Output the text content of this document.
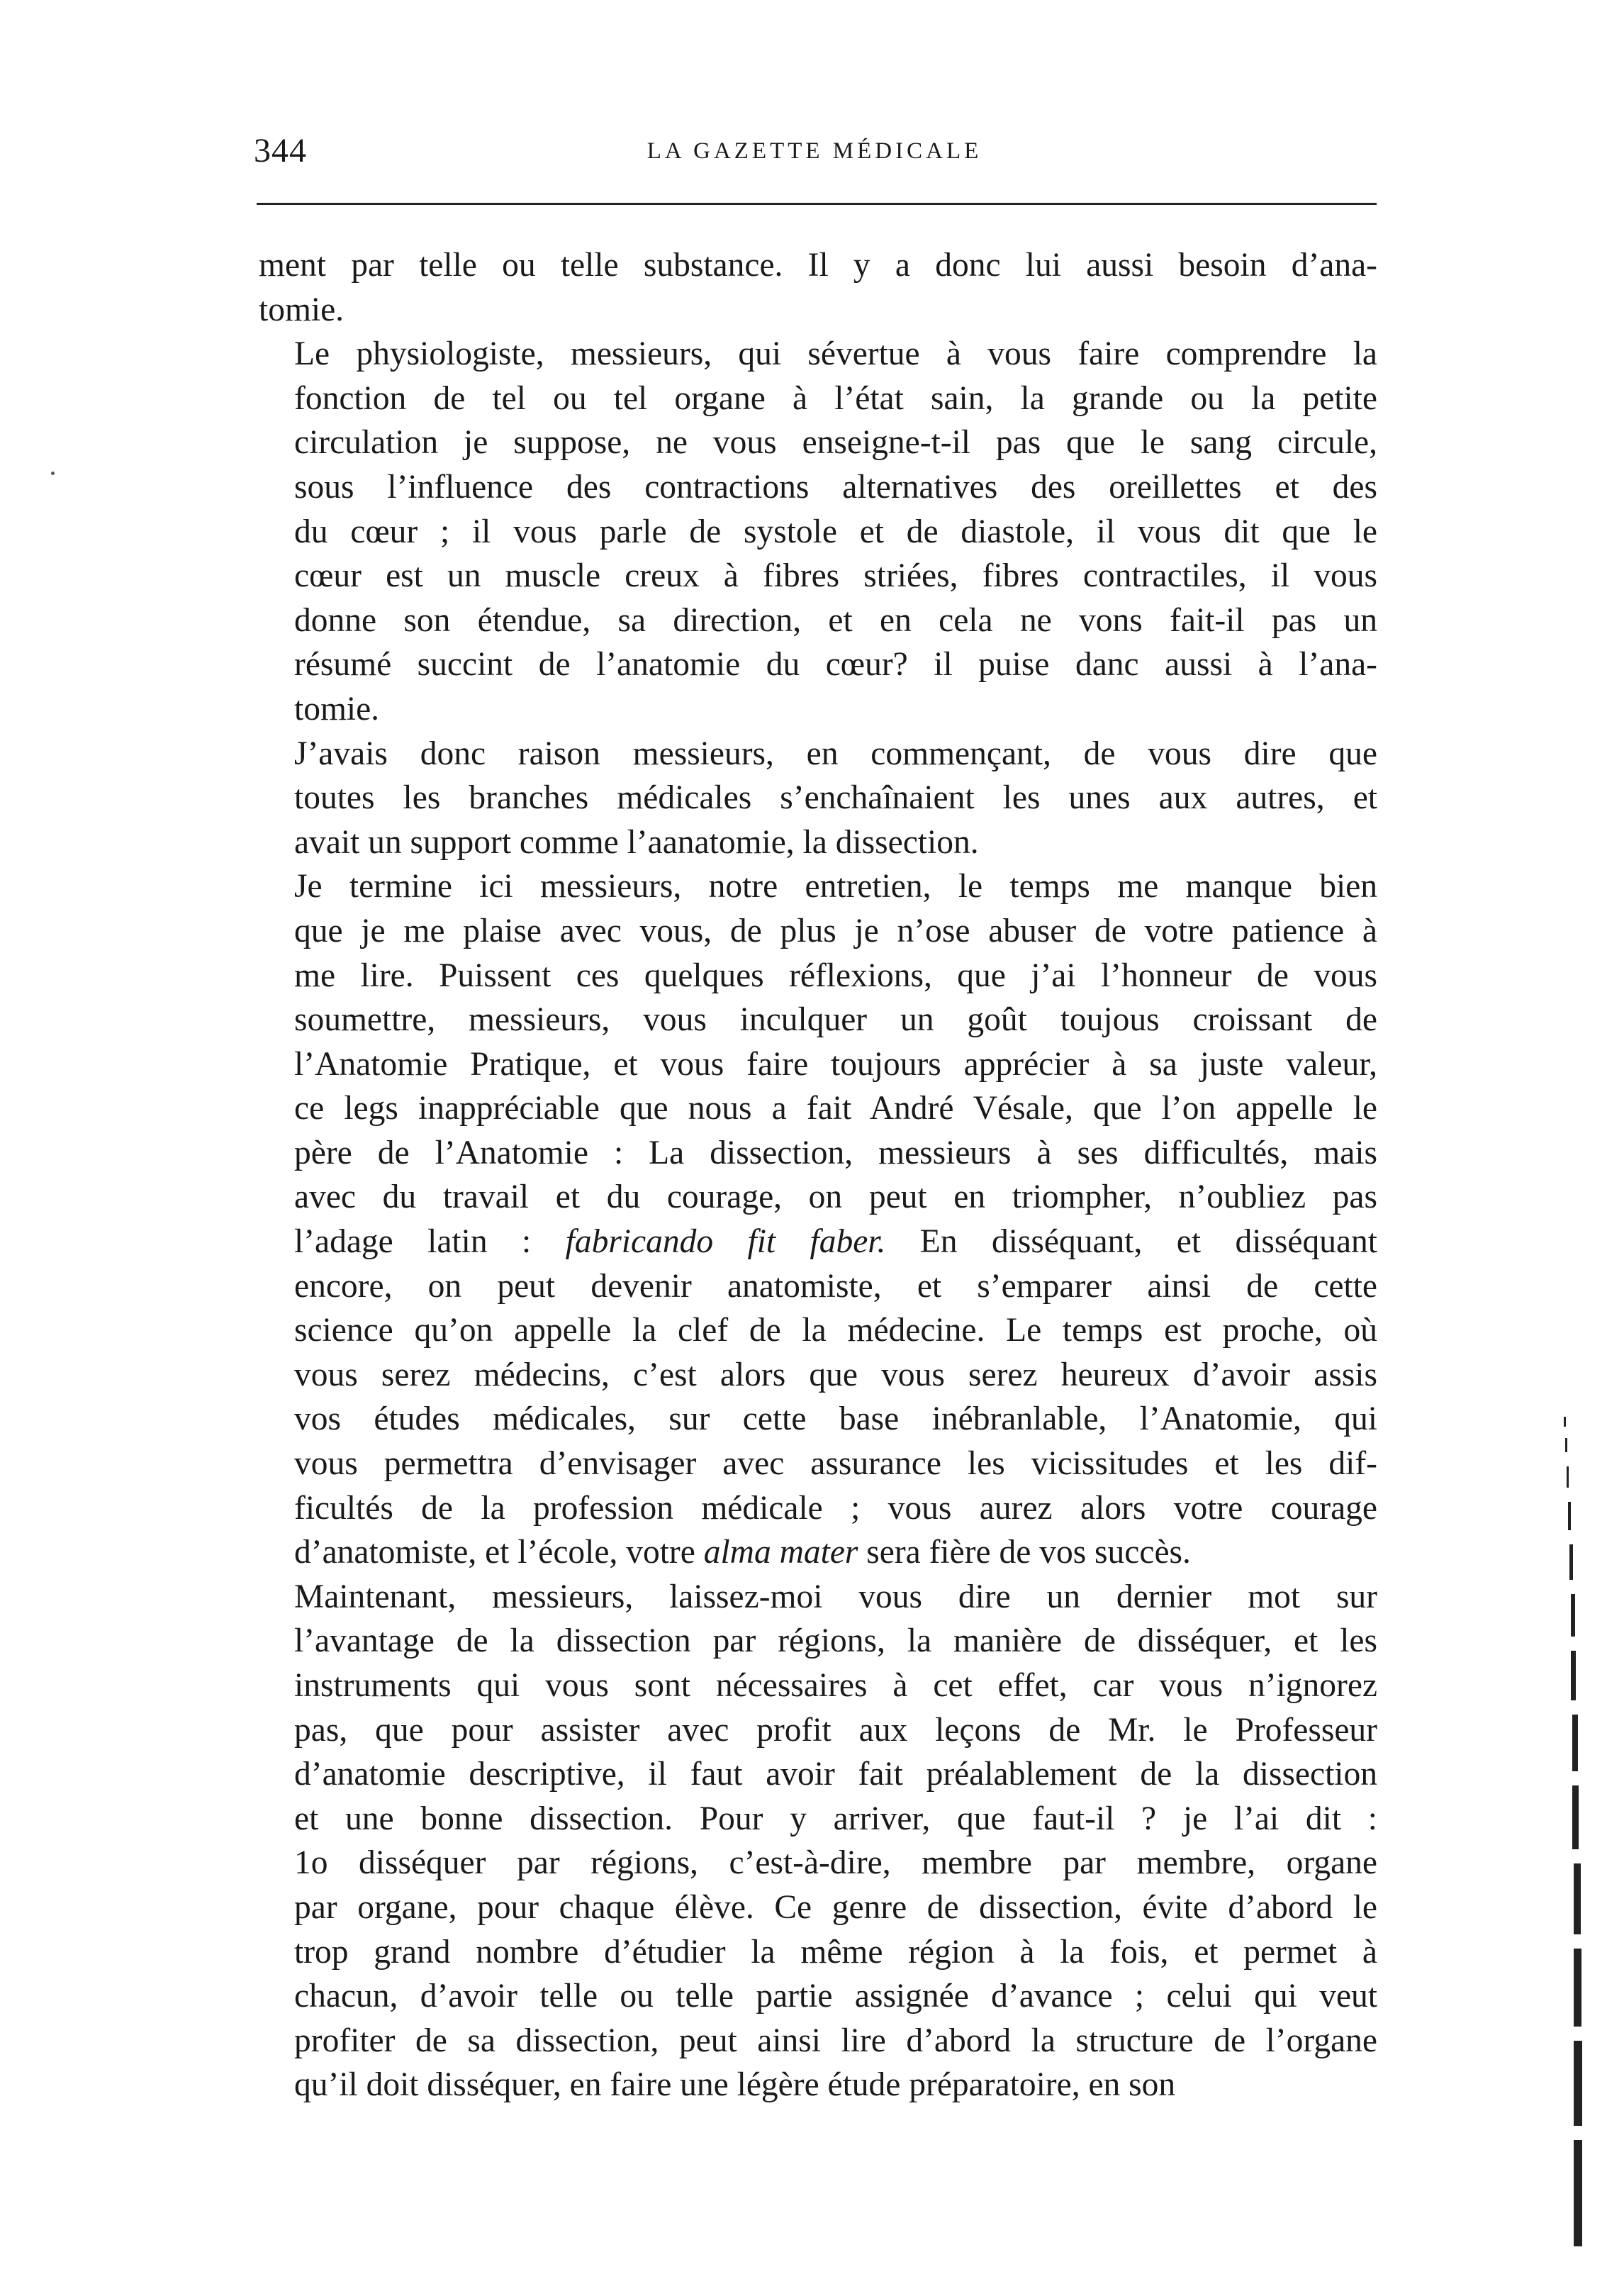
344	LA GAZETTE MÉDICALE

ment par telle ou telle substance. Il y a donc lui aussi besoin d’ana-
tomie.

Le physiologiste, messieurs, qui sévertue à vous faire comprendre la
fonction de tel ou tel organe à l’état sain, la grande ou la petite
circulation je suppose, ne vous enseigne-t-il pas que le sang circule,
sous l’influence des contractions alternatives des oreillettes et des
du cœur ; il vous parle de systole et de diastole, il vous dit que le
cœur est un muscle creux à fibres striées, fibres contractiles, il vous
donne son étendue, sa direction, et en cela ne vons fait-il pas un
résumé succint de l’anatomie du cœur? il puise danc aussi à l’ana-
tomie.

J’avais donc raison messieurs, en commençant, de vous dire que
toutes les branches médicales s’enchaînaient les unes aux autres, et
avait un support comme l’aanatomie, la dissection.

Je termine ici messieurs, notre entretien, le temps me manque bien
que je me plaise avec vous, de plus je n’ose abuser de votre patience à
me lire. Puissent ces quelques réflexions, que j’ai l’honneur de vous
soumettre, messieurs, vous inculquer un goût toujous croissant de
l’Anatomie Pratique, et vous faire toujours apprécier à sa juste valeur,
ce legs inappréciable que nous a fait André Vésale, que l’on appelle le
père de l’Anatomie : La dissection, messieurs à ses difficultés, mais
avec du travail et du courage, on peut en triompher, n’oubliez pas
l’adage latin : fabricando fit faber. En disséquant, et disséquant
encore, on peut devenir anatomiste, et s’emparer ainsi de cette
science qu’on appelle la clef de la médecine. Le temps est proche, où
vous serez médecins, c’est alors que vous serez heureux d’avoir assis
vos études médicales, sur cette base inébranlable, l’Anatomie, qui
vous permettra d’envisager avec assurance les vicissitudes et les dif-
ficultés de la profession médicale ; vous aurez alors votre courage
d’anatomiste, et l’école, votre alma mater sera fière de vos succès.

Maintenant, messieurs, laissez-moi vous dire un dernier mot sur
l’avantage de la dissection par régions, la manière de disséquer, et les
instruments qui vous sont nécessaires à cet effet, car vous n’ignorez
pas, que pour assister avec profit aux leçons de Mr. le Professeur
d’anatomie descriptive, il faut avoir fait préalablement de la dissection
et une bonne dissection. Pour y arriver, que faut-il ? je l’ai dit :
1o disséquer par régions, c’est-à-dire, membre par membre, organe
par organe, pour chaque élève. Ce genre de dissection, évite d’abord le
trop grand nombre d’étudier la même région à la fois, et permet à
chacun, d’avoir telle ou telle partie assignée d’avance ; celui qui veut
profiter de sa dissection, peut ainsi lire d’abord la structure de l’organe
qu’il doit disséquer, en faire une légère étude préparatoire, en son
